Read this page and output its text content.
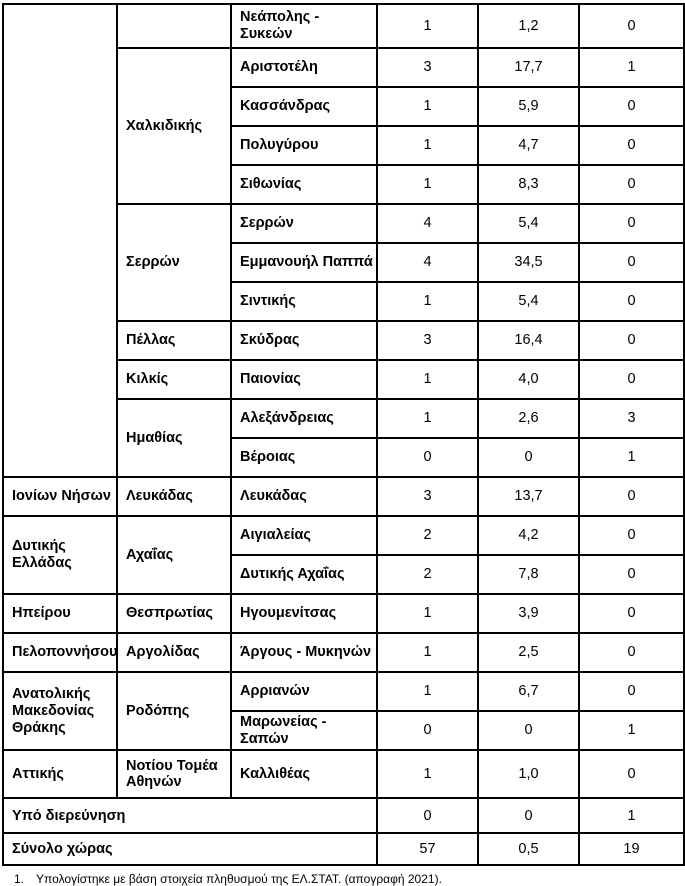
		Νεάπολης - Συκεών	1	1,2	0
	Χαλκιδικής	Αριστοτέλη	3	17,7	1
		Κασσάνδρας	1	5,9	0
		Πολυγύρου	1	4,7	0
		Σιθωνίας	1	8,3	0
	Σερρών	Σερρών	4	5,4	0
		Εμμανουήλ Παππά	4	34,5	0
		Σιντικής	1	5,4	0
	Πέλλας	Σκύδρας	3	16,4	0
	Κιλκίς	Παιονίας	1	4,0	0
	Ημαθίας	Αλεξάνδρειας	1	2,6	3
		Βέροιας	0	0	1
Ιονίων Νήσων	Λευκάδας	Λευκάδας	3	13,7	0
Δυτικής Ελλάδας	Αχαΐας	Αιγιαλείας	2	4,2	0
		Δυτικής Αχαΐας	2	7,8	0
Ηπείρου	Θεσπρωτίας	Ηγουμενίτσας	1	3,9	0
Πελοποννήσου	Αργολίδας	Άργους - Μυκηνών	1	2,5	0
Ανατολικής Μακεδονίας Θράκης	Ροδόπης	Αρριανών	1	6,7	0
		Μαρωνείας - Σαπών	0	0	1
Αττικής	Νοτίου Τομέα Αθηνών	Καλλιθέας	1	1,0	0
Υπό διερεύνηση			0	0	1
Σύνολο χώρας			57	0,5	19
1. Υπολογίστηκε με βάση στοιχεία πληθυσμού της ΕΛ.ΣΤΑΤ. (απογραφή 2021).
